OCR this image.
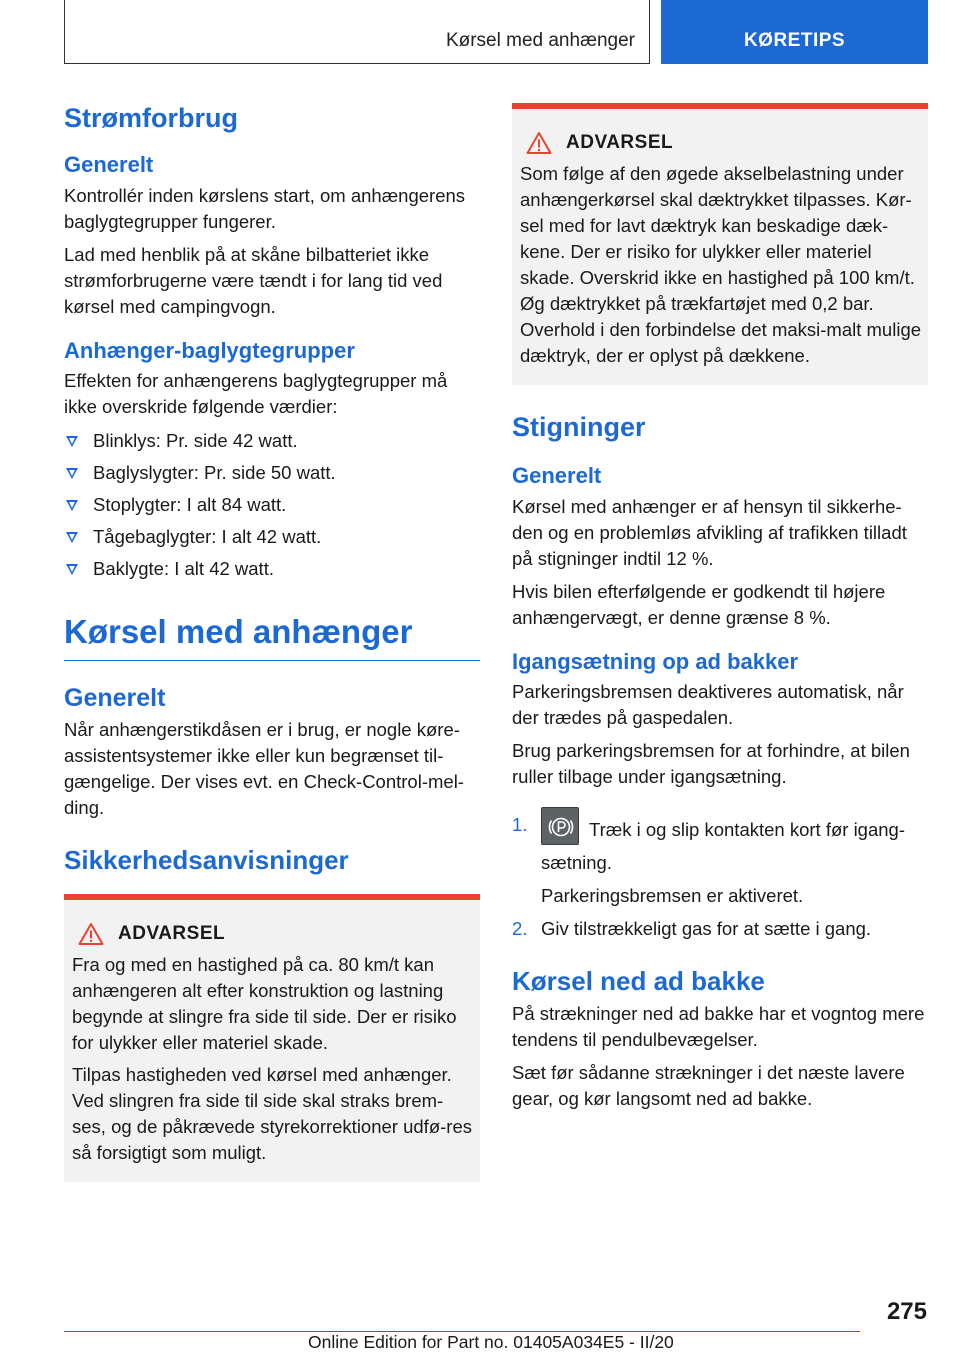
Kørsel med anhænger	KØRETIPS
Strømforbrug
Generelt

Kontrollér inden kørslens start, om anhængerens baglygtegrupper fungerer.

Lad med henblik på at skåne bilbatteriet ikke strømforbrugerne være tændt i for lang tid ved kørsel med campingvogn.

Anhænger-baglygtegrupper

Effekten for anhængerens baglygtegrupper må ikke overskride følgende værdier:

Blinklys: Pr. side 42 watt.
Baglyslygter: Pr. side 50 watt.
Stoplygter: I alt 84 watt.
Tågebaglygter: I alt 42 watt.
Baklygte: I alt 42 watt.
Kørsel med anhænger
Generelt

Når anhængerstikdåsen er i brug, er nogle køre-assistentsystemer ikke eller kun begrænset til-gængelige. Der vises evt. en Check-Control-mel-ding.

Sikkerhedsanvisninger
ADVARSEL

Fra og med en hastighed på ca. 80 km/t kan anhængeren alt efter konstruktion og lastning begynde at slingre fra side til side. Der er risiko for ulykker eller materiel skade.

Tilpas hastigheden ved kørsel med anhænger. Ved slingren fra side til side skal straks brem-ses, og de påkrævede styrekorrektioner udfø-res så forsigtigt som muligt.

ADVARSEL

Som følge af den øgede akselbelastning under anhængerkørsel skal dæktrykket tilpasses. Kør-sel med for lavt dæktryk kan beskadige dæk-kene. Der er risiko for ulykker eller materiel skade. Overskrid ikke en hastighed på 100 km/t. Øg dæktrykket på trækfartøjet med 0,2 bar. Overhold i den forbindelse det maksi-malt mulige dæktryk, der er oplyst på dækkene.

Stigninger
Generelt

Kørsel med anhænger er af hensyn til sikkerhe-den og en problemløs afvikling af trafikken tilladt på stigninger indtil 12 %.

Hvis bilen efterfølgende er godkendt til højere anhængervægt, er denne grænse 8 %.

Igangsætning op ad bakker

Parkeringsbremsen deaktiveres automatisk, når der trædes på gaspedalen.

Brug parkeringsbremsen for at forhindre, at bilen ruller tilbage under igangsætning.

1.	Træk i og slip kontakten kort før igang-sætning.

Parkeringsbremsen er aktiveret.

2. Giv tilstrækkeligt gas for at sætte i gang.
Kørsel ned ad bakke

På strækninger ned ad bakke har et vogntog mere tendens til pendulbevægelser.

Sæt før sådanne strækninger i det næste lavere gear, og kør langsomt ned ad bakke.

275
Online Edition for Part no. 01405A034E5 - II/20
